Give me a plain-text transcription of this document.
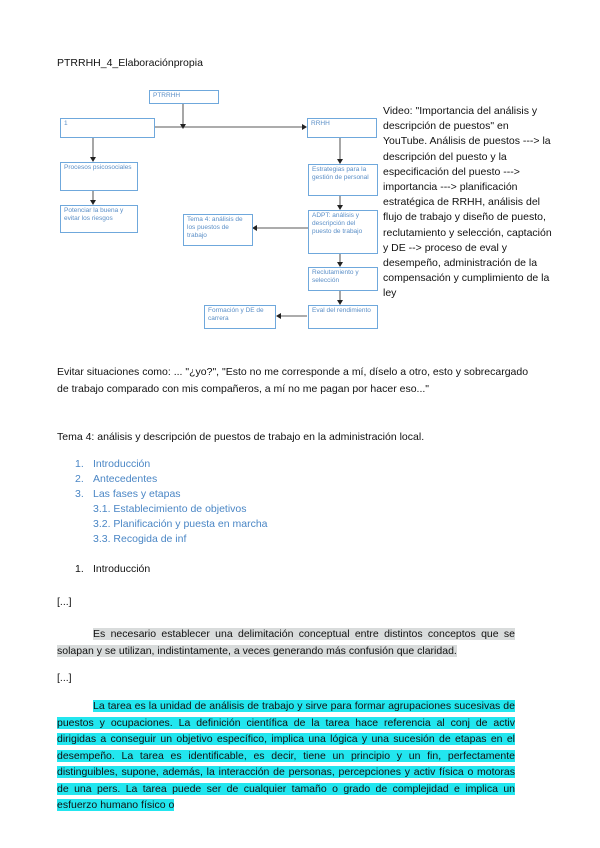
PTRRHH_4_Elaboraciónpropia
PTRRHH
1	RRHH
Procesos psicosociales
Potenciar la buena y evitar los riesgos
Estrategias para la gestión de personal
ADPT: análisis y descripción del puesto de trabajo
Reclutamiento y selección
Eval del rendimiento
Tema 4: análisis de los puestos de trabajo
Formación y DE de carrera
Video: "Importancia del análisis y descripción de puestos" en YouTube. Análisis de puestos ---> la descripción del puesto y la especificación del puesto ---> importancia ---> planificación estratégica de RRHH, análisis del flujo de trabajo y diseño de puesto, reclutamiento y selección, captación y DE --> proceso de eval y desempeño, administración de la compensación y cumplimiento de la ley
Evitar situaciones como: ... "¿yo?", "Esto no me corresponde a mí, díselo a otro, esto y sobrecargado de trabajo comparado con mis compañeros, a mí no me pagan por hacer eso..."
Tema 4: análisis y descripción de puestos de trabajo en la administración local.
1. Introducción
2. Antecedentes
3. Las fases y etapas
3.1. Establecimiento de objetivos
3.2. Planificación y puesta en marcha
3.3. Recogida de inf
1. Introducción
[...]
Es necesario establecer una delimitación conceptual entre distintos conceptos que se solapan y se utilizan, indistintamente, a veces generando más confusión que claridad.
[...]
La tarea es la unidad de análisis de trabajo y sirve para formar agrupaciones sucesivas de puestos y ocupaciones. La definición científica de la tarea hace referencia al conj de activ dirigidas a conseguir un objetivo específico, implica una lógica y una sucesión de etapas en el desempeño. La tarea es identificable, es decir, tiene un principio y un fin, perfectamente distinguibles, supone, además, la interacción de personas, percepciones y activ física o motoras de una pers. La tarea puede ser de cualquier tamaño o grado de complejidad e implica un esfuerzo humano físico o
